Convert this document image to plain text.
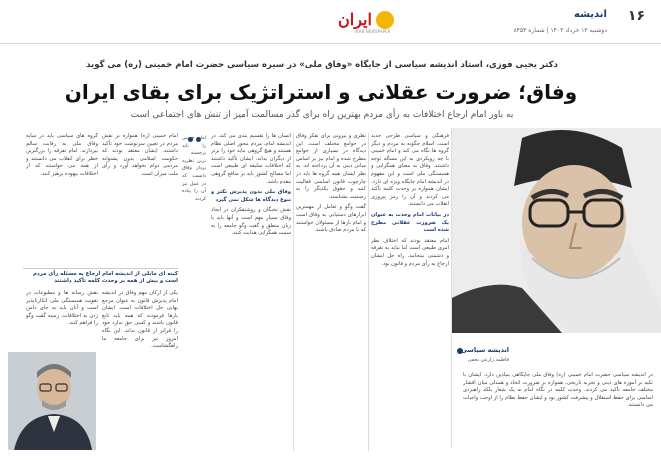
۱۶
اندیشه
دوشنبه ۱۳ خرداد ۱۴۰۳ | شماره ۸۴۵۳
ایران
IRAN NEWSPAPER
دکتر یحیی فوزی، استاد اندیشه سیاسی از جایگاه «وفاق ملی» در سیره سیاسی حضرت امام خمینی (ره) می گوید
وفاق؛ ضرورت عقلانی و استراتژیک برای بقای ایران
به باور امام ارجاع اختلافات به رأی مردم بهترین راه برای گذر مسالمت آمیز از تنش های اجتماعی است

فرهنگی و سیاسی طرحی جدید است. اسلام چگونه به مردم و دیگر گروه ها نگاه می کند و امام خمینی با چه رویکردی به این مسأله توجه داشتند. وفاق به معنای همگرایی و همبستگی ملی است و این مفهوم در اندیشه امام جایگاه ویژه ای دارد. ایشان همواره بر وحدت کلمه تأکید می کردند و آن را رمز پیروزی انقلاب می دانستند.

در بیانات امام وحدت به عنوان یک ضرورت عقلانی مطرح شده است

امام معتقد بودند که اختلاف نظر امری طبیعی است اما نباید به تفرقه و دشمنی بینجامد. راه حل ایشان ارجاع به رأی مردم و قانون بود.

نظری و بیرونی برای تفکر وفاق در جوامع مختلف است. این دیدگاه در بسیاری از جوامع مطرح شده و امام نیز بر اساس مبانی دینی به آن پرداخته اند. به نظر ایشان همه گروه ها باید در چارچوب قانون اساسی فعالیت کنند و حقوق یکدیگر را به رسمیت بشناسند.

گفت وگو و تعامل از مهمترین ابزارهای دستیابی به وفاق است و امام بارها از مسئولان خواستند که با مردم صادق باشند.

انسان ها را تقسیم بندی می کند. در اندیشه امام، مردم محور اصلی نظام هستند و هیچ گروهی نباید خود را برتر از دیگران بداند. ایشان تأکید داشتند که اختلافات سلیقه ای طبیعی است اما مصالح کشور باید بر منافع گروهی مقدم باشد.

وفاق ملی بدون پذیرش تکثر و تنوع دیدگاه ها شکل نمی گیرد

نقش نخبگان و روشنفکران در ایجاد وفاق بسیار مهم است و آنها باید با زبان منطق و گفت وگو جامعه را به سمت همگرایی هدایت کنند.

امام خمینی را باید برجسته ترین نظریه پرداز وفاق دانست که در عمل نیز آن را پیاده کردند

امام خمینی (ره) همواره بر نقش مردم در تعیین سرنوشت خود تأکید داشتند. ایشان معتقد بودند که حکومت اسلامی بدون پشتوانه مردمی دوام نخواهد آورد و رأی ملت میزان است.

گروه های سیاسی باید در سایه وفاق ملی به رقابت سالم بپردازند. امام تفرقه را بزرگترین خطر برای انقلاب می دانستند و از همه می خواستند که از اختلافات بیهوده پرهیز کنند.

کینه ای مایلی از اندیشه امام ارجاع به مسئله رأی مردم است و بیش از همه بر وحدت کلمه تأکید داشتند

یکی از ارکان مهم وفاق در اندیشه امام پذیرش قانون به عنوان مرجع نهایی حل اختلافات است. ایشان بارها فرمودند که همه باید تابع قانون باشند و کسی حق ندارد خود را فراتر از قانون بداند. این نگاه امروز نیز برای جامعه ما راهگشاست.

نقش رسانه ها و مطبوعات در تقویت همبستگی ملی انکارناپذیر است و آنان باید به جای دامن زدن به اختلافات، زمینه گفت وگو را فراهم کنند.

اندیشه سیاسی
فاطمه زارعی نجفی
در اندیشه سیاسی حضرت امام خمینی (ره) وفاق ملی جایگاهی بنیادین دارد. ایشان با تکیه بر آموزه های دینی و تجربه تاریخی، همواره بر ضرورت اتحاد و همدلی میان اقشار مختلف جامعه تأکید می کردند. وحدت کلمه در نگاه امام نه یک شعار بلکه راهبردی اساسی برای حفظ استقلال و پیشرفت کشور بود و ایشان حفظ نظام را از اوجب واجبات می دانستند.
